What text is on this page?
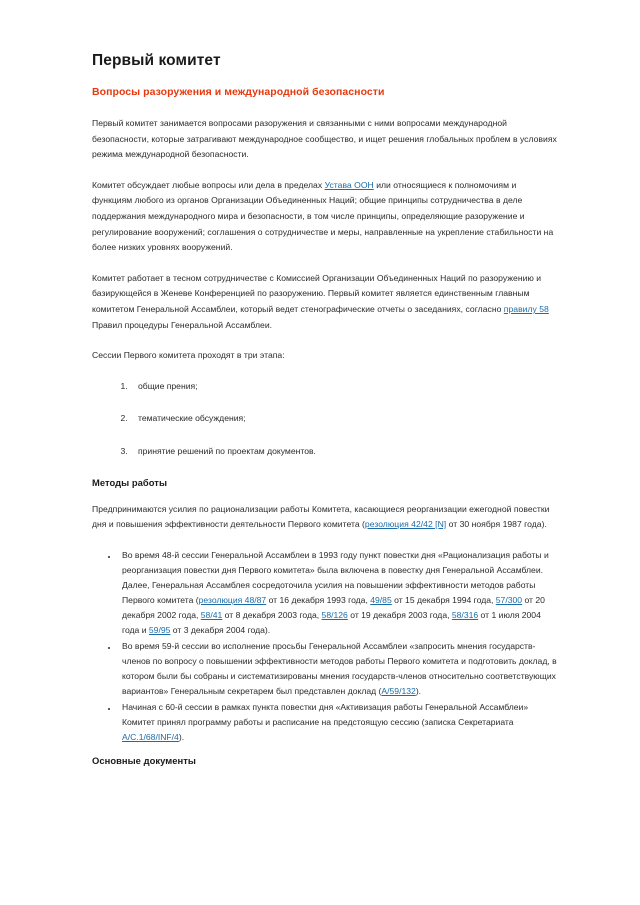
Первый комитет
Вопросы разоружения и международной безопасности

Первый комитет занимается вопросами разоружения и связанными с ними вопросами международной безопасности, которые затрагивают международное сообщество, и ищет решения глобальных проблем в условиях режима международной безопасности.

Комитет обсуждает любые вопросы или дела в пределах Устава ООН или относящиеся к полномочиям и функциям любого из органов Организации Объединенных Наций; общие принципы сотрудничества в деле поддержания международного мира и безопасности, в том числе принципы, определяющие разоружение и регулирование вооружений; соглашения о сотрудничестве и меры, направленные на укрепление стабильности на более низких уровнях вооружений.

Комитет работает в тесном сотрудничестве с Комиссией Организации Объединенных Наций по разоружению и базирующейся в Женеве Конференцией по разоружению. Первый комитет является единственным главным комитетом Генеральной Ассамблеи, который ведет стенографические отчеты о заседаниях, согласно правилу 58 Правил процедуры Генеральной Ассамблеи.

Сессии Первого комитета проходят в три этапа:

1. общие прения;
2. тематические обсуждения;
3. принятие решений по проектам документов.
Методы работы

Предпринимаются усилия по рационализации работы Комитета, касающиеся реорганизации ежегодной повестки дня и повышения эффективности деятельности Первого комитета (резолюция 42/42 [N] от 30 ноября 1987 года).

• Во время 48-й сессии Генеральной Ассамблеи в 1993 году пункт повестки дня «Рационализация работы и реорганизация повестки дня Первого комитета» была включена в повестку дня Генеральной Ассамблеи. Далее, Генеральная Ассамблея сосредоточила усилия на повышении эффективности методов работы Первого комитета (резолюция 48/87 от 16 декабря 1993 года, 49/85 от 15 декабря 1994 года, 57/300 от 20 декабря 2002 года, 58/41 от 8 декабря 2003 года, 58/126 от 19 декабря 2003 года, 58/316 от 1 июля 2004 года и 59/95 от 3 декабря 2004 года).
• Во время 59-й сессии во исполнение просьбы Генеральной Ассамблеи «запросить мнения государств-членов по вопросу о повышении эффективности методов работы Первого комитета и подготовить доклад, в котором были бы собраны и систематизированы мнения государств-членов относительно соответствующих вариантов» Генеральным секретарем был представлен доклад (A/59/132).
• Начиная с 60-й сессии в рамках пункта повестки дня «Активизация работы Генеральной Ассамблеи» Комитет принял программу работы и расписание на предстоящую сессию (записка Секретариата A/C.1/68/INF/4).
Основные документы
